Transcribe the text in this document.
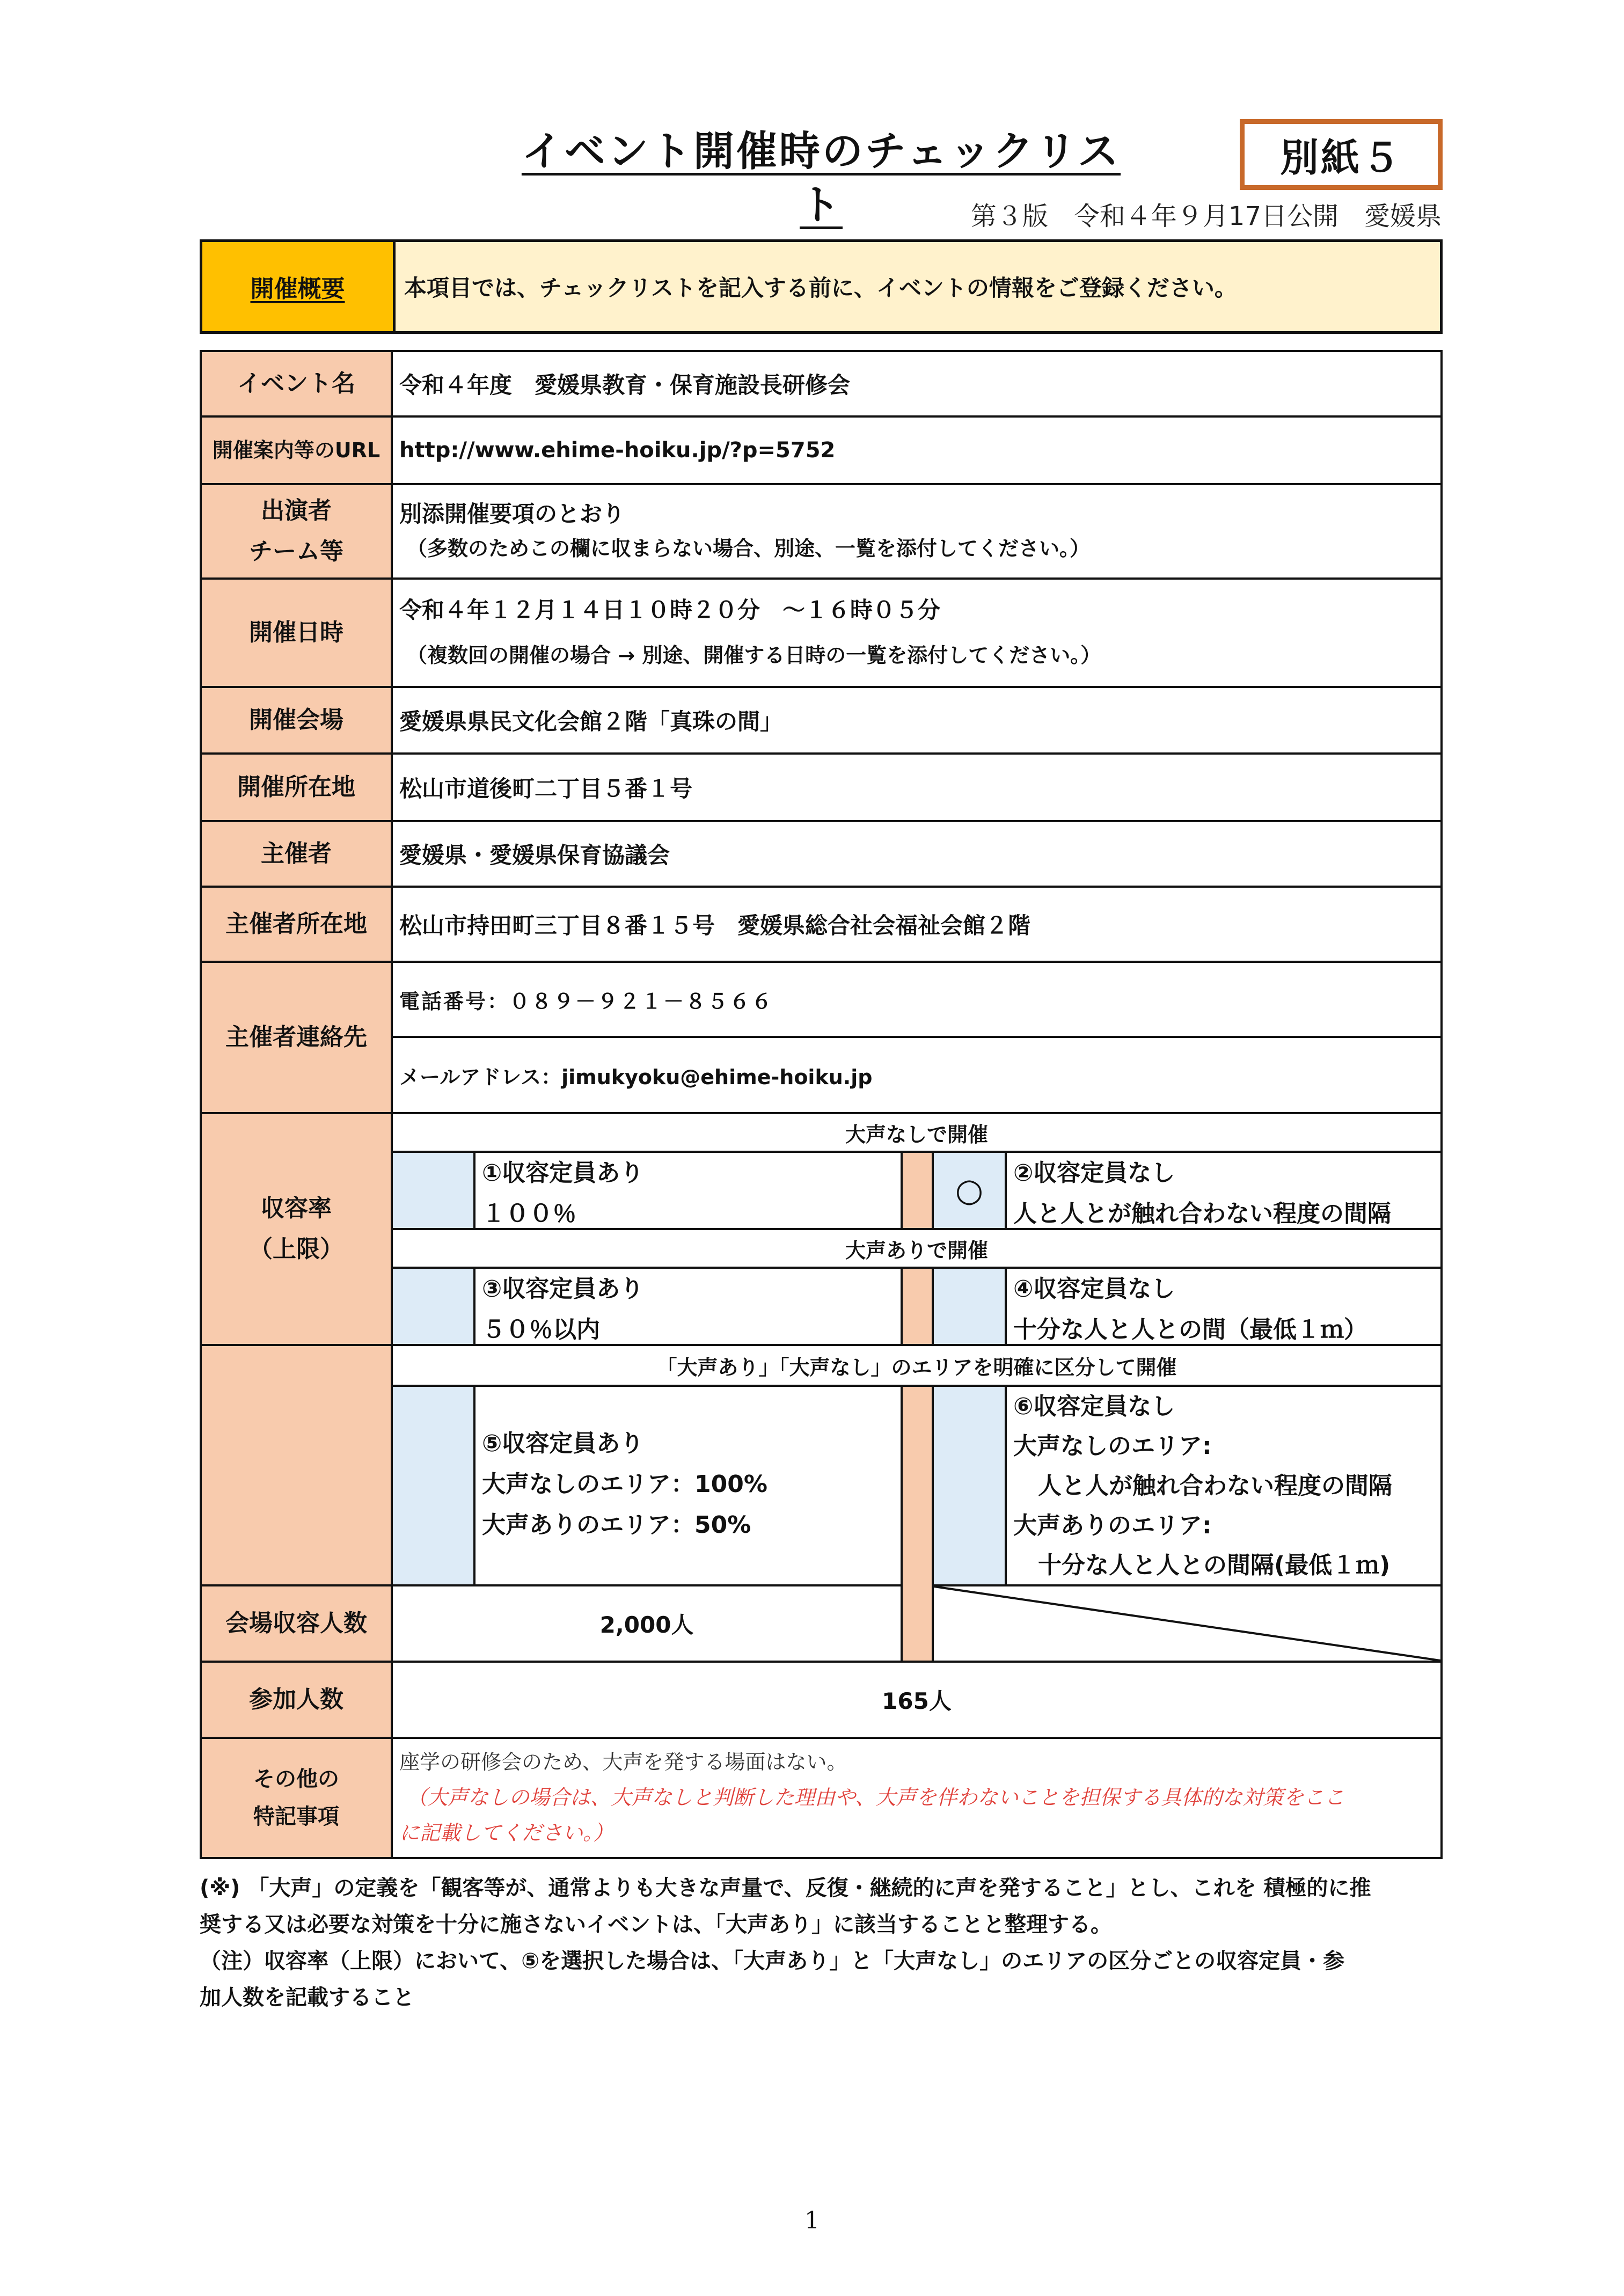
イベント開催時のチェックリスト
別紙５
第３版　令和４年９月17日公開　愛媛県
開催概要	本項目では、チェックリストを記入する前に、イベントの情報をご登録ください。
イベント名
開催案内等のURL
出演者
チーム等
開催日時
開催会場
開催所在地
主催者
主催者所在地
主催者連絡先
収容率
（上限）
会場収容人数
参加人数
その他の
特記事項
令和４年度　愛媛県教育・保育施設長研修会
http://www.ehime-hoiku.jp/?p=5752
別添開催要項のとおり
（多数のためこの欄に収まらない場合、別途、一覧を添付してください。）
令和４年１２月１４日１０時２０分　～１６時０５分
（複数回の開催の場合 → 別途、開催する日時の一覧を添付してください。）
愛媛県県民文化会館２階「真珠の間」
松山市道後町二丁目５番１号
愛媛県・愛媛県保育協議会
松山市持田町三丁目８番１５号　愛媛県総合社会福祉会館２階
電話番号：０８９－９２１－８５６６
メールアドレス：jimukyoku@ehime-hoiku.jp
大声なしで開催
①収容定員あり
１００％
○ ②収容定員なし
人と人とが触れ合わない程度の間隔
大声ありで開催
③収容定員あり
５０％以内
④収容定員なし
十分な人と人との間（最低１ｍ）
「大声あり」「大声なし」のエリアを明確に区分して開催
⑤収容定員あり
大声なしのエリア：100%
大声ありのエリア：50%
⑥収容定員なし
大声なしのエリア:
人と人が触れ合わない程度の間隔
大声ありのエリア:
十分な人と人との間隔(最低１ｍ)
2,000人
165人
座学の研修会のため、大声を発する場面はない。
（大声なしの場合は、大声なしと判断した理由や、大声を伴わないことを担保する具体的な対策をここ
に記載してください。）
(※) 「大声」の定義を「観客等が、通常よりも大きな声量で、反復・継続的に声を発すること」とし、これを 積極的に推
奨する又は必要な対策を十分に施さないイベントは、「大声あり」に該当することと整理する。
（注）収容率（上限）において、⑤を選択した場合は、「大声あり」と「大声なし」のエリアの区分ごとの収容定員・参
加人数を記載すること
1
